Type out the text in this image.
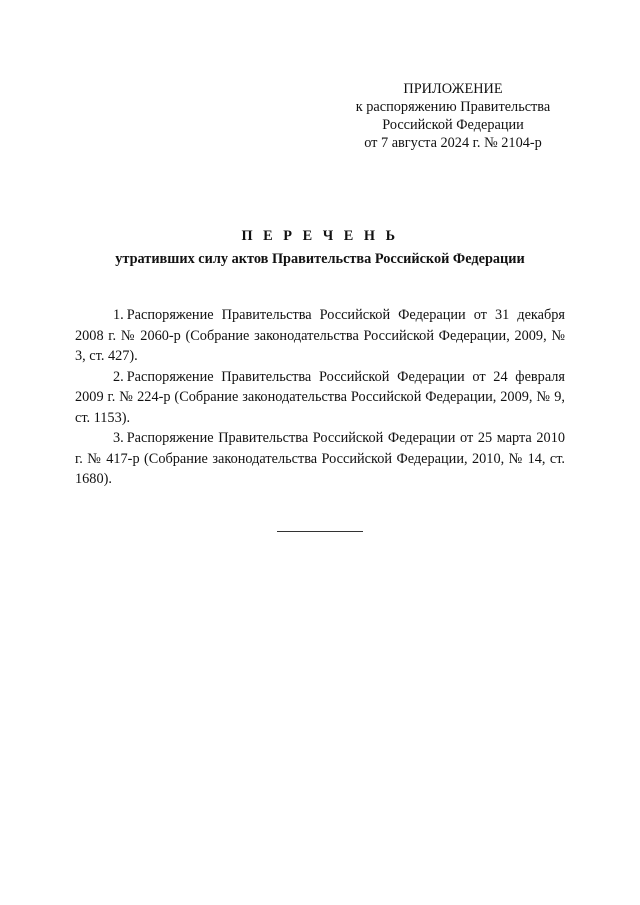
ПРИЛОЖЕНИЕ
к распоряжению Правительства
Российской Федерации
от 7 августа 2024 г. № 2104-р
П Е Р Е Ч Е Н Ь
утративших силу актов Правительства Российской Федерации

1. Распоряжение Правительства Российской Федерации от 31 декабря 2008 г. № 2060-р (Собрание законодательства Российской Федерации, 2009, № 3, ст. 427).

2. Распоряжение Правительства Российской Федерации от 24 февраля 2009 г. № 224-р (Собрание законодательства Российской Федерации, 2009, № 9, ст. 1153).

3. Распоряжение Правительства Российской Федерации от 25 марта 2010 г. № 417-р (Собрание законодательства Российской Федерации, 2010, № 14, ст. 1680).
